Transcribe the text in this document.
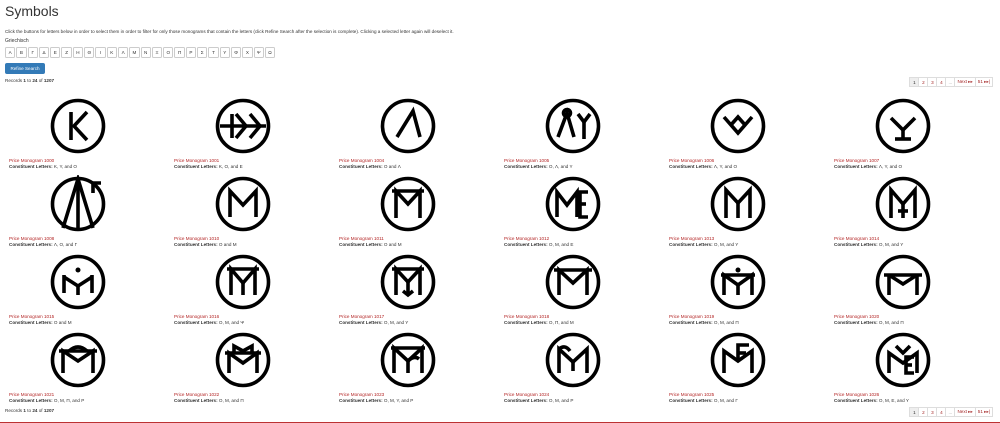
Symbols
Click the buttons for letters below in order to select them in order to filter for only those monograms that contain the letters (click Refine Search after the selection is complete). Clicking a selected letter again will deselect it.
Griechisch
Α	Β	Γ	Δ	Ε	Ζ	Η	Θ	Ι	Κ	Λ	Μ	Ν	Ξ	Ο	Π	Ρ	Σ	Τ	Υ	Φ	Χ	Ψ	Ω
Refine Search
Records 1 to 24 of 1207	1	2	3	4	...	Next ▸▸	51 ▸▸|
Price Monogram 1000
Constituent Letters: K, Y, and O
Price Monogram 1001
Constituent Letters: K, O, and E
Price Monogram 1004
Constituent Letters: O and Λ
Price Monogram 1005
Constituent Letters: O, Λ, and Y
Price Monogram 1006
Constituent Letters: Λ, Y, and O
Price Monogram 1007
Constituent Letters: Λ, Y, and O
Price Monogram 1008
Constituent Letters: Λ, O, and Γ
Price Monogram 1010
Constituent Letters: O and M
Price Monogram 1011
Constituent Letters: O and M
Price Monogram 1012
Constituent Letters: O, M, and E
Price Monogram 1013
Constituent Letters: O, M, and Y
Price Monogram 1014
Constituent Letters: O, M, and Y
Price Monogram 1015
Constituent Letters: O and M
Price Monogram 1016
Constituent Letters: O, M, and Ψ
Price Monogram 1017
Constituent Letters: O, M, and Y
Price Monogram 1018
Constituent Letters: O, Π, and M
Price Monogram 1019
Constituent Letters: O, M, and Π
Price Monogram 1020
Constituent Letters: O, M, and Π
Price Monogram 1021
Constituent Letters: O, M, Π, and P
Price Monogram 1022
Constituent Letters: O, M, and Π
Price Monogram 1023
Constituent Letters: O, M, Y, and P
Price Monogram 1024
Constituent Letters: O, M, and P
Price Monogram 1025
Constituent Letters: O, M, and Γ
Price Monogram 1026
Constituent Letters: O, M, E, and Y
Records 1 to 24 of 1207	1	2	3	4	...	Next ▸▸	51 ▸▸|
